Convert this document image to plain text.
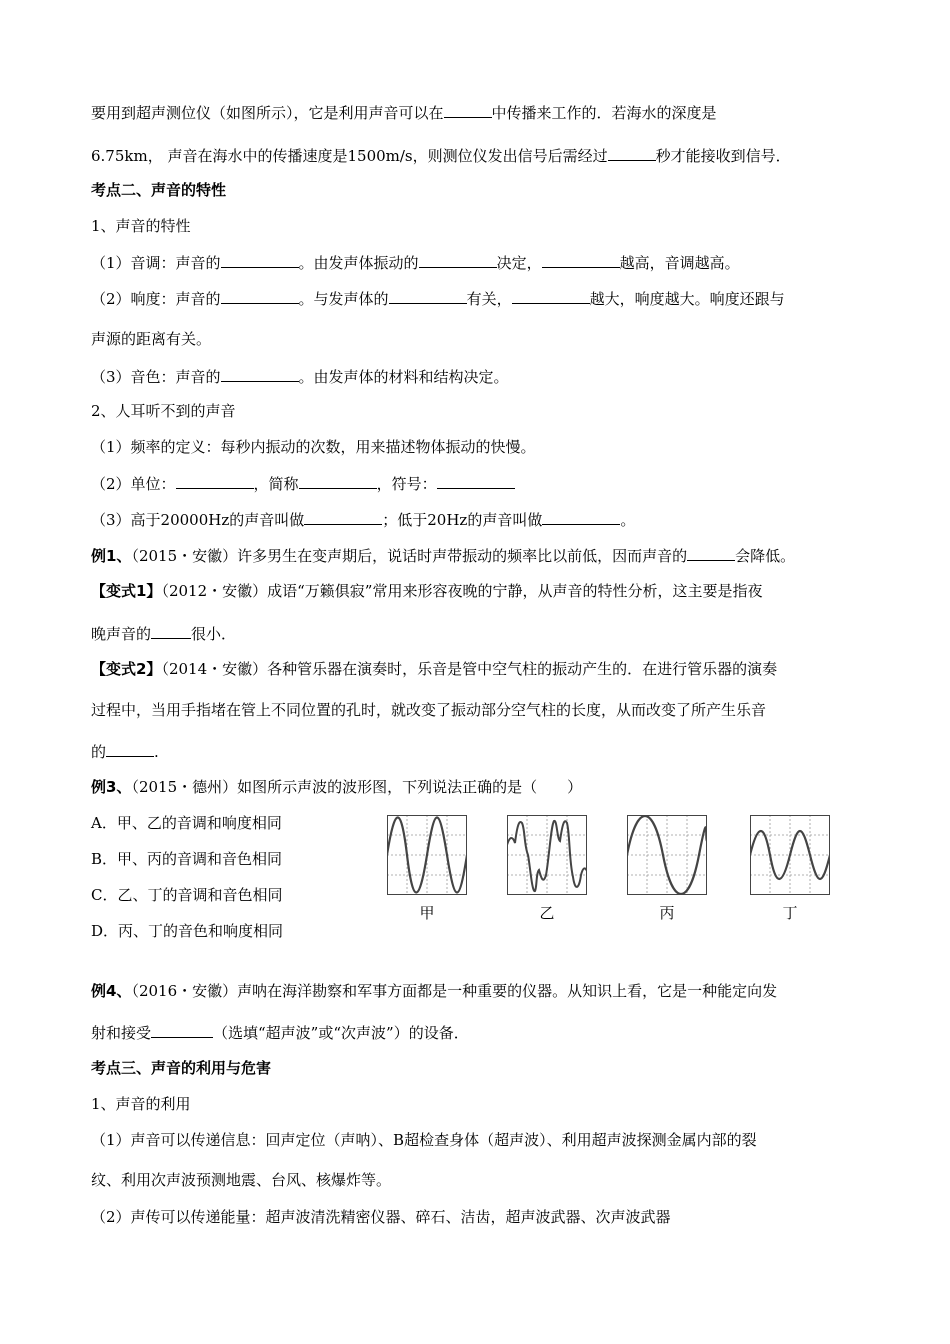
要用到超声测位仪（如图所示），它是利用声音可以在	中传播来工作的．若海水的深度是
6.75km， 声音在海水中的传播速度是1500m/s，则测位仪发出信号后需经过	秒才能接收到信号．
考点二、声音的特性
1、声音的特性
（1）音调：声音的	。由发声体振动的	决定，	越高，音调越高。
（2）响度：声音的	。与发声体的	有关，	越大，响度越大。响度还跟与
声源的距离有关。
（3）音色：声音的	。由发声体的材料和结构决定。
2、人耳听不到的声音
（1）频率的定义：每秒内振动的次数，用来描述物体振动的快慢。
（2）单位：	，简称	，符号：
（3）高于20000Hz的声音叫做	；低于20Hz的声音叫做	。
例1、（2015・安徽）许多男生在变声期后，说话时声带振动的频率比以前低，因而声音的	会降低。
【变式1】（2012・安徽）成语“万籁俱寂”常用来形容夜晚的宁静，从声音的特性分析，这主要是指夜
晚声音的	很小．
【变式2】（2014・安徽）各种管乐器在演奏时，乐音是管中空气柱的振动产生的．在进行管乐器的演奏
过程中，当用手指堵在管上不同位置的孔时，就改变了振动部分空气柱的长度，从而改变了所产生乐音
的	.
例3、（2015・德州）如图所示声波的波形图，下列说法正确的是（　　）
A．甲、乙的音调和响度相同
B．甲、丙的音调和音色相同
C．乙、丁的音调和音色相同
D．丙、丁的音色和响度相同
甲	乙	丙	丁
例4、（2016・安徽）声呐在海洋勘察和军事方面都是一种重要的仪器。从知识上看，它是一种能定向发
射和接受	（选填“超声波”或“次声波”）的设备．
考点三、声音的利用与危害
1、声音的利用
（1）声音可以传递信息：回声定位（声呐）、B超检查身体（超声波）、利用超声波探测金属内部的裂
纹、利用次声波预测地震、台风、核爆炸等。
（2）声传可以传递能量：超声波清洗精密仪器、碎石、洁齿，超声波武器、次声波武器
